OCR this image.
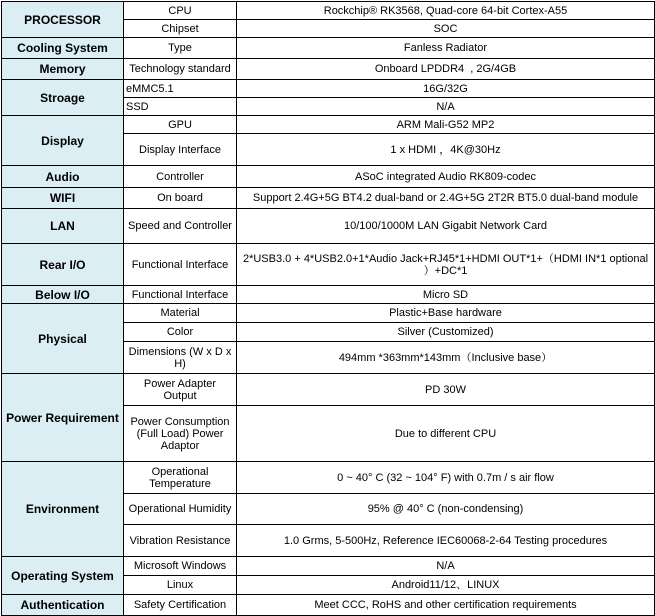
PROCESSOR	CPU	Rockchip® RK3568, Quad-core 64-bit Cortex-A55
	Chipset	SOC
Cooling System	Type	Fanless Radiator
Memory	Technology standard	Onboard LPDDR4  , 2G/4GB
Stroage	eMMC5.1	16G/32G
	SSD	N/A
Display	GPU	ARM Mali-G52 MP2
	Display Interface	1 x HDMI ，4K@30Hz
Audio	Controller	ASoC integrated Audio RK809-codec
WIFI	On board	Support 2.4G+5G BT4.2 dual-band or 2.4G+5G 2T2R BT5.0 dual-band module
LAN	Speed and Controller	10/100/1000M LAN Gigabit Network Card
Rear I/O	Functional Interface	2*USB3.0 + 4*USB2.0+1*Audio Jack+RJ45*1+HDMI OUT*1+（HDMI IN*1 optional ）+DC*1
Below I/O	Functional Interface	Micro SD
Physical	Material	Plastic+Base hardware
	Color	Silver (Customized)
	Dimensions (W x D x H)	494mm *363mm*143mm（Inclusive base）
Power Requirement	Power Adapter Output	PD 30W
	Power Consumption (Full Load) Power Adaptor	Due to different CPU
Environment	Operational Temperature	0 ~ 40° C (32 ~ 104° F) with 0.7m / s air flow
	Operational Humidity	95% @ 40° C (non-condensing)
	Vibration Resistance	1.0 Grms, 5-500Hz, Reference IEC60068-2-64 Testing procedures
Operating System	Microsoft Windows	N/A
	Linux	Android11/12、LINUX
Authentication	Safety Certification	Meet CCC, RoHS and other certification requirements
